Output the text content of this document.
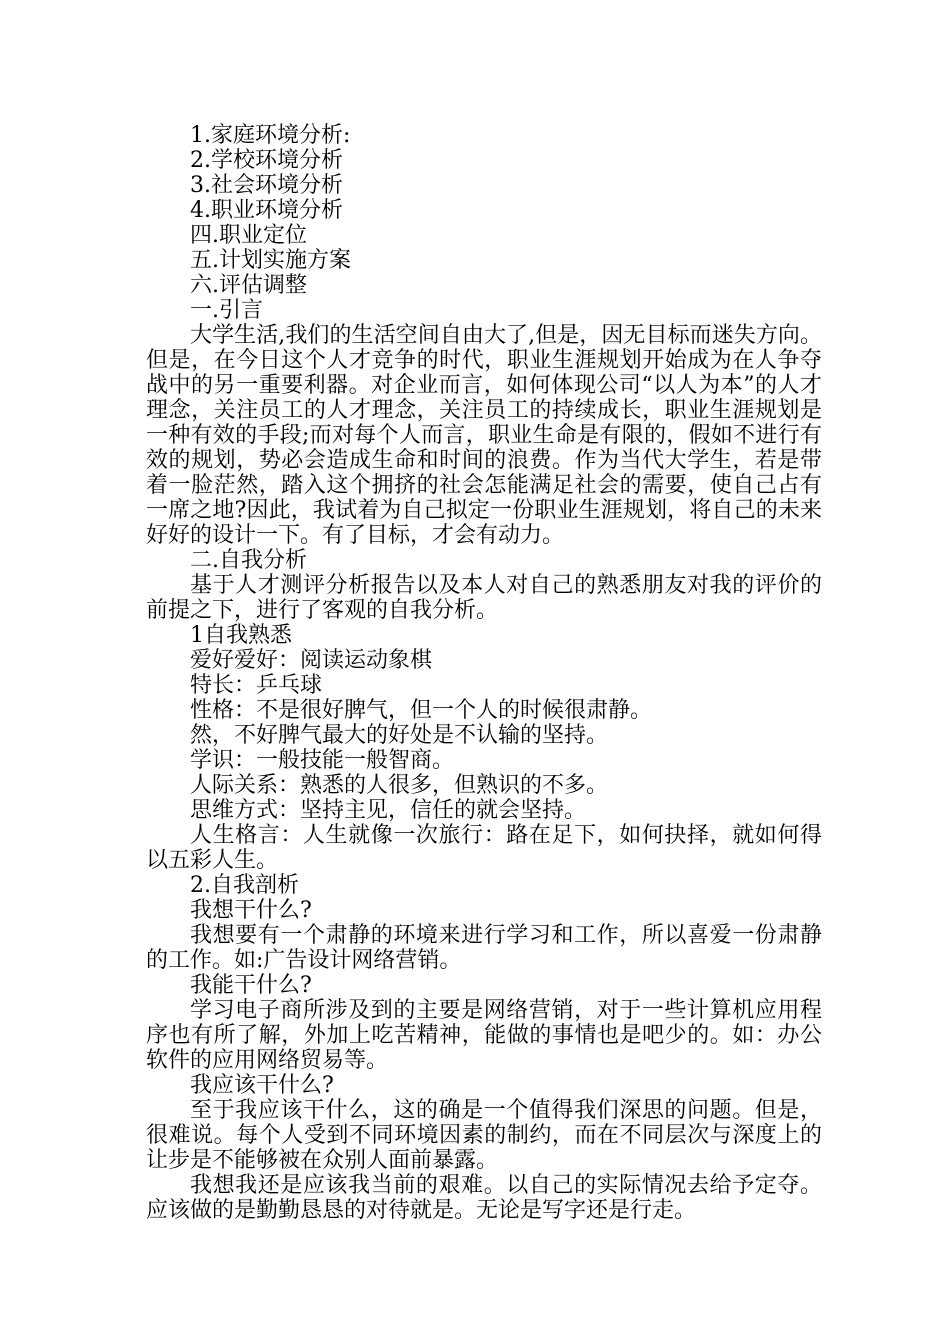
1.家庭环境分析:

2.学校环境分析

3.社会环境分析

4.职业环境分析

四.职业定位

五.计划实施方案

六.评估调整

一.引言

大学生活,我们的生活空间自由大了,但是，因无目标而迷失方向。但是，在今日这个人才竞争的时代，职业生涯规划开始成为在人争夺战中的另一重要利器。对企业而言，如何体现公司“以人为本”的人才理念，关注员工的人才理念，关注员工的持续成长，职业生涯规划是一种有效的手段;而对每个人而言，职业生命是有限的，假如不进行有效的规划，势必会造成生命和时间的浪费。作为当代大学生，若是带着一脸茫然，踏入这个拥挤的社会怎能满足社会的需要，使自己占有一席之地?因此，我试着为自己拟定一份职业生涯规划，将自己的未来好好的设计一下。有了目标，才会有动力。

二.自我分析

基于人才测评分析报告以及本人对自己的熟悉朋友对我的评价的前提之下，进行了客观的自我分析。

1自我熟悉

爱好爱好：阅读运动象棋

特长：乒乓球

性格：不是很好脾气，但一个人的时候很肃静。

然，不好脾气最大的好处是不认输的坚持。

学识：一般技能一般智商。

人际关系：熟悉的人很多，但熟识的不多。

思维方式：坚持主见，信任的就会坚持。

人生格言：人生就像一次旅行：路在足下，如何抉择，就如何得以五彩人生。

2.自我剖析

我想干什么?

我想要有一个肃静的环境来进行学习和工作，所以喜爱一份肃静的工作。如:广告设计网络营销。

我能干什么?

学习电子商所涉及到的主要是网络营销，对于一些计算机应用程序也有所了解，外加上吃苦精神，能做的事情也是吧少的。如：办公软件的应用网络贸易等。

我应该干什么?

至于我应该干什么，这的确是一个值得我们深思的问题。但是，很难说。每个人受到不同环境因素的制约，而在不同层次与深度上的让步是不能够被在众别人面前暴露。

我想我还是应该我当前的艰难。以自己的实际情况去给予定夺。应该做的是勤勤恳恳的对待就是。无论是写字还是行走。
